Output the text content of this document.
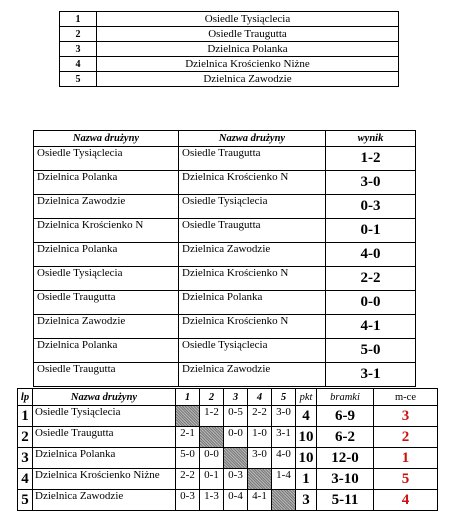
1	Osiedle Tysiąclecia
2	Osiedle Traugutta
3	Dzielnica Polanka
4	Dzielnica Krościenko Niżne
5	Dzielnica Zawodzie
Nazwa drużyny	Nazwa drużyny	wynik
Osiedle Tysiąclecia	Osiedle Traugutta	1-2
Dzielnica Polanka	Dzielnica Krościenko N	3-0
Dzielnica Zawodzie	Osiedle Tysiąclecia	0-3
Dzielnica Krościenko N	Osiedle Traugutta	0-1
Dzielnica Polanka	Dzielnica Zawodzie	4-0
Osiedle Tysiąclecia	Dzielnica Krościenko N	2-2
Osiedle Traugutta	Dzielnica Polanka	0-0
Dzielnica Zawodzie	Dzielnica Krościenko N	4-1
Dzielnica Polanka	Osiedle Tysiąclecia	5-0
Osiedle Traugutta	Dzielnica Zawodzie	3-1
lp	Nazwa drużyny	1	2	3	4	5	pkt	bramki	m-ce
1	Osiedle Tysiąclecia		1-2	0-5	2-2	3-0	4	6-9	3
2	Osiedle Traugutta	2-1		0-0	1-0	3-1	10	6-2	2
3	Dzielnica Polanka	5-0	0-0		3-0	4-0	10	12-0	1
4	Dzielnica Krościenko Niżne	2-2	0-1	0-3		1-4	1	3-10	5
5	Dzielnica Zawodzie	0-3	1-3	0-4	4-1		3	5-11	4
